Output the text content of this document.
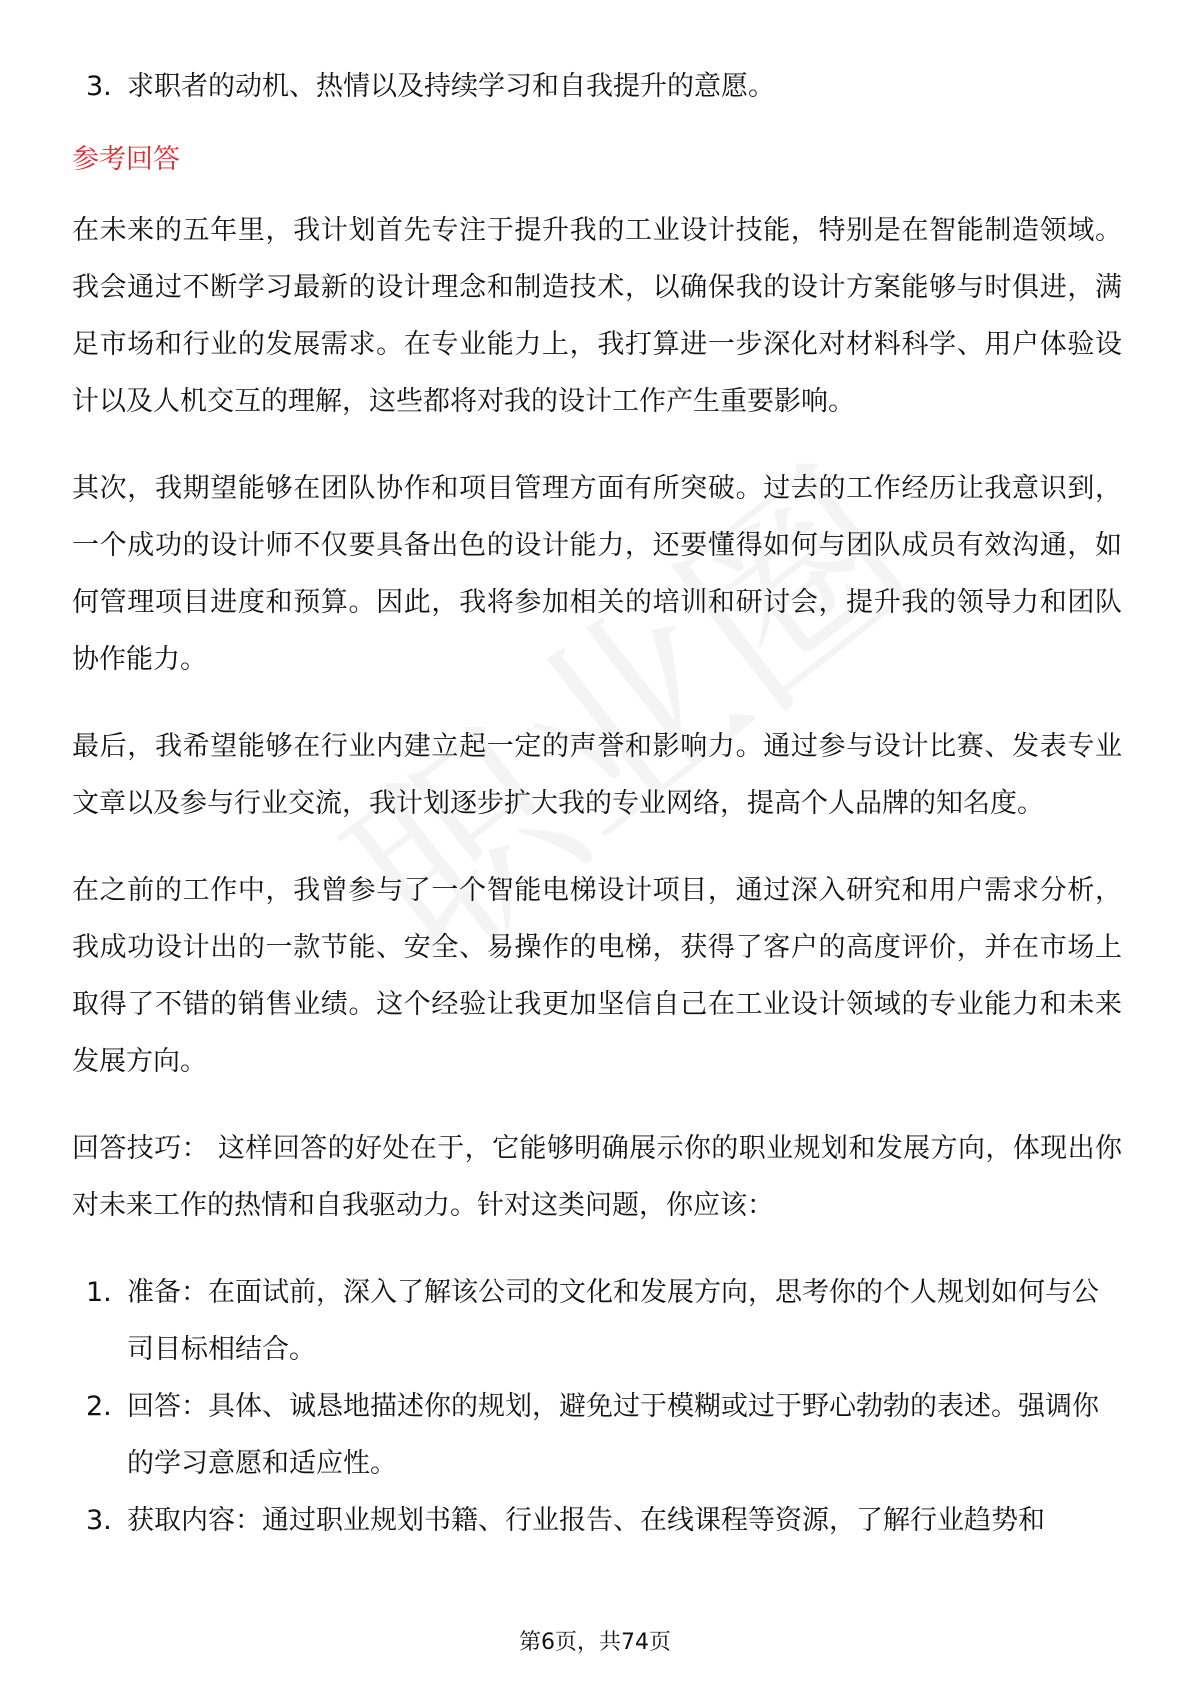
3. 求职者的动机、热情以及持续学习和自我提升的意愿。
参考回答

在未来的五年里，我计划首先专注于提升我的工业设计技能，特别是在智能制造领域。我会通过不断学习最新的设计理念和制造技术，以确保我的设计方案能够与时俱进，满足市场和行业的发展需求。在专业能力上，我打算进一步深化对材料科学、用户体验设计以及人机交互的理解，这些都将对我的设计工作产生重要影响。

其次，我期望能够在团队协作和项目管理方面有所突破。过去的工作经历让我意识到，一个成功的设计师不仅要具备出色的设计能力，还要懂得如何与团队成员有效沟通，如何管理项目进度和预算。因此，我将参加相关的培训和研讨会，提升我的领导力和团队协作能力。

最后，我希望能够在行业内建立起一定的声誉和影响力。通过参与设计比赛、发表专业文章以及参与行业交流，我计划逐步扩大我的专业网络，提高个人品牌的知名度。

在之前的工作中，我曾参与了一个智能电梯设计项目，通过深入研究和用户需求分析，我成功设计出的一款节能、安全、易操作的电梯，获得了客户的高度评价，并在市场上取得了不错的销售业绩。这个经验让我更加坚信自己在工业设计领域的专业能力和未来发展方向。

回答技巧： 这样回答的好处在于，它能够明确展示你的职业规划和发展方向，体现出你对未来工作的热情和自我驱动力。针对这类问题，你应该：

1. 准备：在面试前，深入了解该公司的文化和发展方向，思考你的个人规划如何与公司目标相结合。
2. 回答：具体、诚恳地描述你的规划，避免过于模糊或过于野心勃勃的表述。强调你的学习意愿和适应性。
3. 获取内容：通过职业规划书籍、行业报告、在线课程等资源，了解行业趋势和
第6页，共74页
